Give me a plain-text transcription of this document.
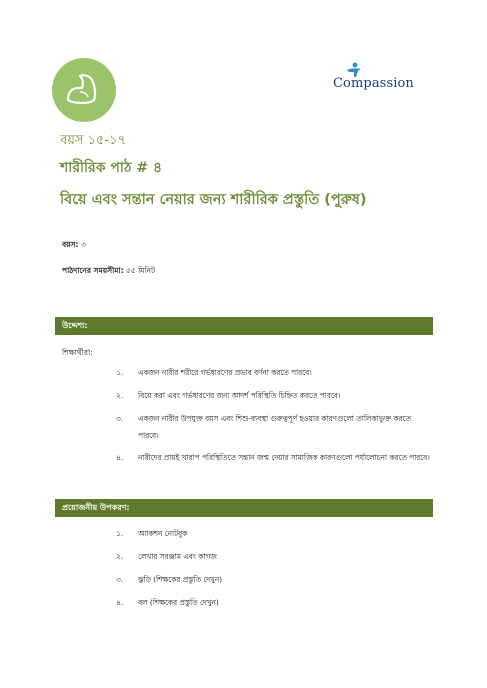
Compassion
বয়স ১৫-১৭
শারীরিক পাঠ # ৪
বিয়ে এবং সন্তান নেয়ার জন্য শারীরিক প্রস্তুতি (পুরুষ)
বয়স: ৩
পাঠদানের সময়সীমা: ৫৫ মিনিট
উদ্দেশ্য:
শিক্ষার্থীরা:
১.	একজন নারীর শরীরে গর্ভধারণের প্রভাব বর্ণনা করতে পারবে।
২.	বিয়ে করা এবং গর্ভধারণের জন্য আদর্শ পরিস্থিতি চিহ্নিত করতে পারবে।
৩.	একজন নারীর উপযুক্ত বয়স এবং শিশু-ব্যবস্থা গুরুত্বপূর্ণ হওয়ার কারণগুলো তালিকাভুক্ত করতে
পারবে।
৪.	নারীদের প্রায়ই খারাপ পরিস্থিতিতে সন্তান জন্ম দেয়ার সামাজিক কারণগুলো পর্যালোচনা করতে পারবে।
প্রয়োজনীয় উপকরণ:
১.	অ্যাকশন নোটবুক
২.	লেখার সরঞ্জাম এবং কাগজ
৩.	ঝুড়ি (শিক্ষকের প্রস্তুতি দেখুন)
৪.	বল (শিক্ষকের প্রস্তুতি দেখুন)
